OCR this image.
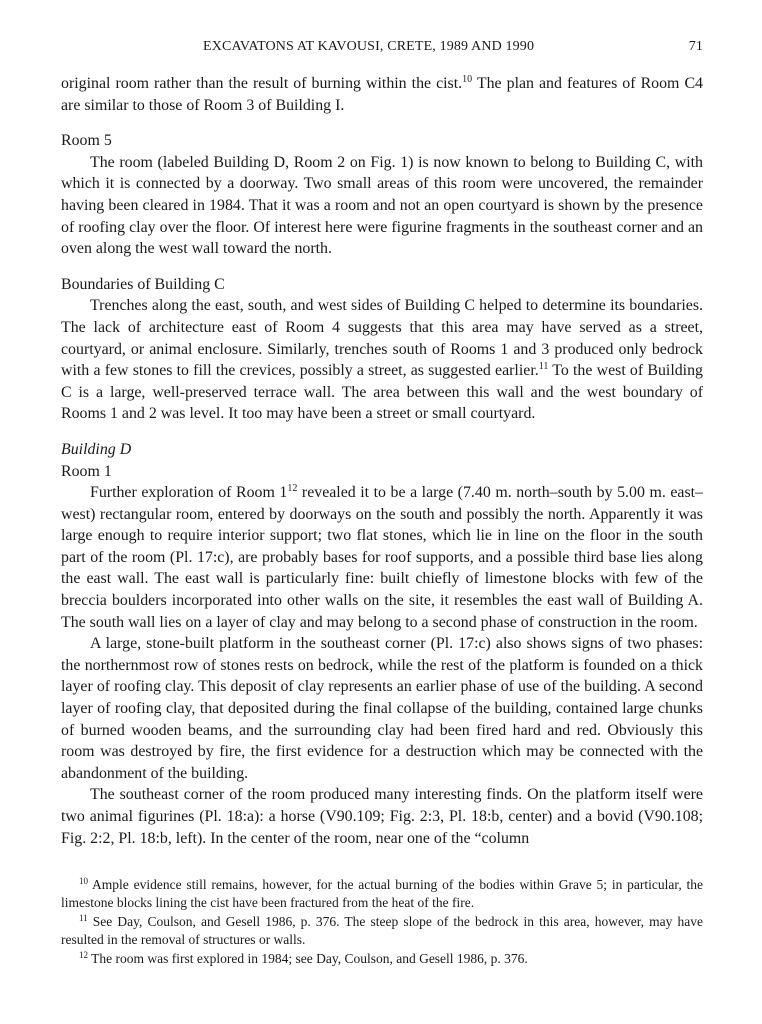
EXCAVATONS AT KAVOUSI, CRETE, 1989 AND 1990	71

original room rather than the result of burning within the cist.$^{10}$ The plan and features of Room C4 are similar to those of Room 3 of Building I.

Room 5

The room (labeled Building D, Room 2 on Fig. 1) is now known to belong to Building C, with which it is connected by a doorway. Two small areas of this room were uncovered, the remainder having been cleared in 1984. That it was a room and not an open courtyard is shown by the presence of roofing clay over the floor. Of interest here were figurine fragments in the southeast corner and an oven along the west wall toward the north.

Boundaries of Building C

Trenches along the east, south, and west sides of Building C helped to determine its boundaries. The lack of architecture east of Room 4 suggests that this area may have served as a street, courtyard, or animal enclosure. Similarly, trenches south of Rooms 1 and 3 produced only bedrock with a few stones to fill the crevices, possibly a street, as suggested earlier.$^{11}$ To the west of Building C is a large, well-preserved terrace wall. The area between this wall and the west boundary of Rooms 1 and 2 was level. It too may have been a street or small courtyard.

Building D

Room 1

Further exploration of Room $1^{12}$ revealed it to be a large (7.40 m. north–south by 5.00 m. east–west) rectangular room, entered by doorways on the south and possibly the north. Apparently it was large enough to require interior support; two flat stones, which lie in line on the floor in the south part of the room (Pl. 17:c), are probably bases for roof supports, and a possible third base lies along the east wall. The east wall is particularly fine: built chiefly of limestone blocks with few of the breccia boulders incorporated into other walls on the site, it resembles the east wall of Building A. The south wall lies on a layer of clay and may belong to a second phase of construction in the room.

A large, stone-built platform in the southeast corner (Pl. 17:c) also shows signs of two phases: the northernmost row of stones rests on bedrock, while the rest of the platform is founded on a thick layer of roofing clay. This deposit of clay represents an earlier phase of use of the building. A second layer of roofing clay, that deposited during the final collapse of the building, contained large chunks of burned wooden beams, and the surrounding clay had been fired hard and red. Obviously this room was destroyed by fire, the first evidence for a destruction which may be connected with the abandonment of the building.

The southeast corner of the room produced many interesting finds. On the platform itself were two animal figurines (Pl. 18:a): a horse (V90.109; Fig. 2:3, Pl. 18:b, center) and a bovid (V90.108; Fig. 2:2, Pl. 18:b, left). In the center of the room, near one of the “column

$^{10}$ Ample evidence still remains, however, for the actual burning of the bodies within Grave 5; in particular, the limestone blocks lining the cist have been fractured from the heat of the fire.

$^{11}$ See Day, Coulson, and Gesell 1986, p. 376. The steep slope of the bedrock in this area, however, may have resulted in the removal of structures or walls.

$^{12}$ The room was first explored in 1984; see Day, Coulson, and Gesell 1986, p. 376.
